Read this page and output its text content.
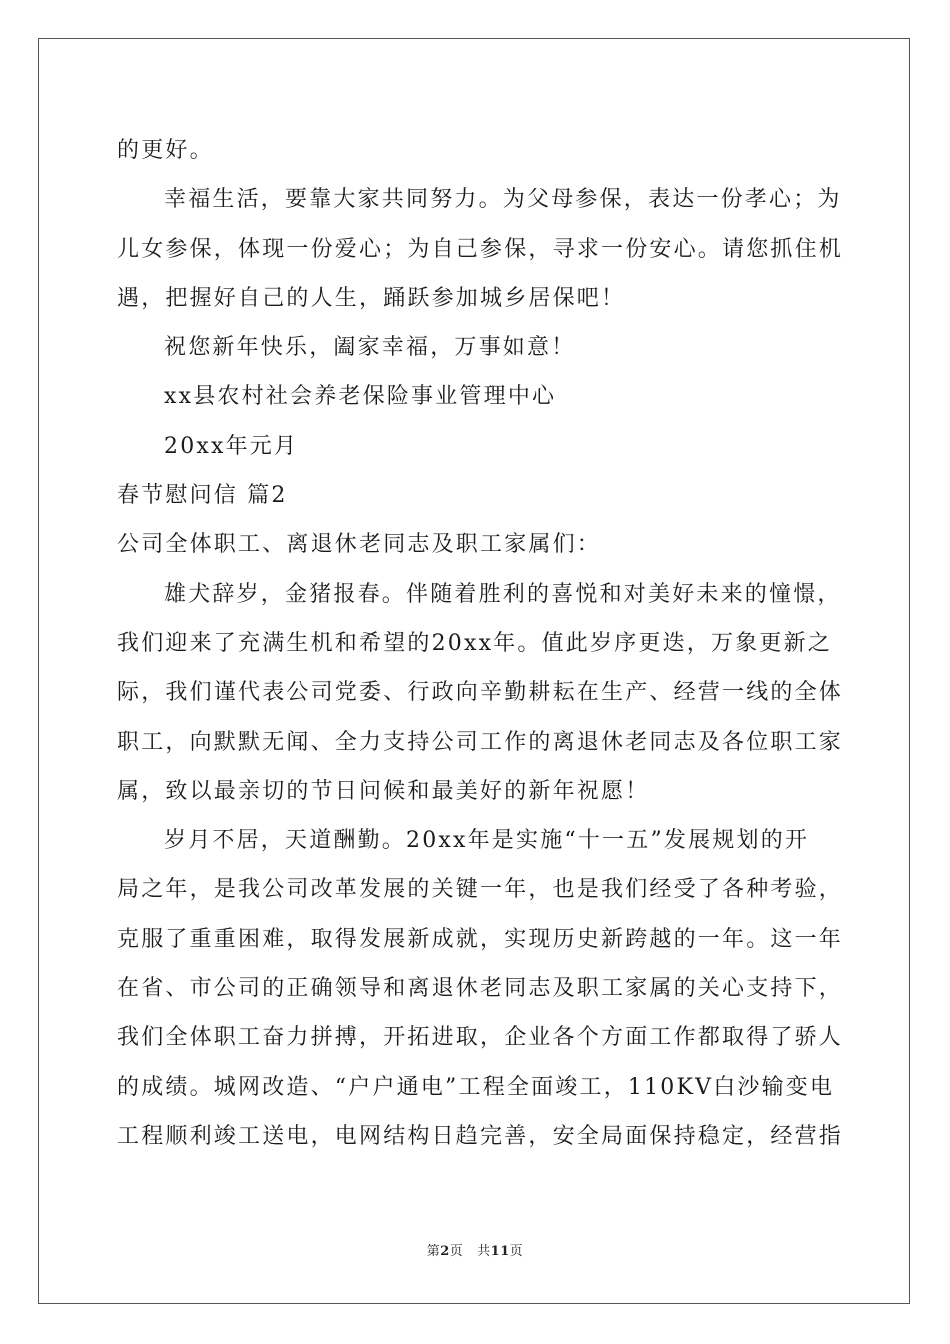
的更好。
幸福生活，要靠大家共同努力。为父母参保，表达一份孝心；为
儿女参保，体现一份爱心；为自己参保，寻求一份安心。请您抓住机
遇，把握好自己的人生，踊跃参加城乡居保吧！
祝您新年快乐，阖家幸福，万事如意！
xx县农村社会养老保险事业管理中心
20xx年元月
春节慰问信 篇2
公司全体职工、离退休老同志及职工家属们：
雄犬辞岁，金猪报春。伴随着胜利的喜悦和对美好未来的憧憬，
我们迎来了充满生机和希望的20xx年。值此岁序更迭，万象更新之
际，我们谨代表公司党委、行政向辛勤耕耘在生产、经营一线的全体
职工，向默默无闻、全力支持公司工作的离退休老同志及各位职工家
属，致以最亲切的节日问候和最美好的新年祝愿！
岁月不居，天道酬勤。20xx年是实施“十一五”发展规划的开
局之年，是我公司改革发展的关键一年，也是我们经受了各种考验，
克服了重重困难，取得发展新成就，实现历史新跨越的一年。这一年
在省、市公司的正确领导和离退休老同志及职工家属的关心支持下，
我们全体职工奋力拼搏，开拓进取，企业各个方面工作都取得了骄人
的成绩。城网改造、“户户通电”工程全面竣工，110KV白沙输变电
工程顺利竣工送电，电网结构日趋完善，安全局面保持稳定，经营指
第2页   共11页
